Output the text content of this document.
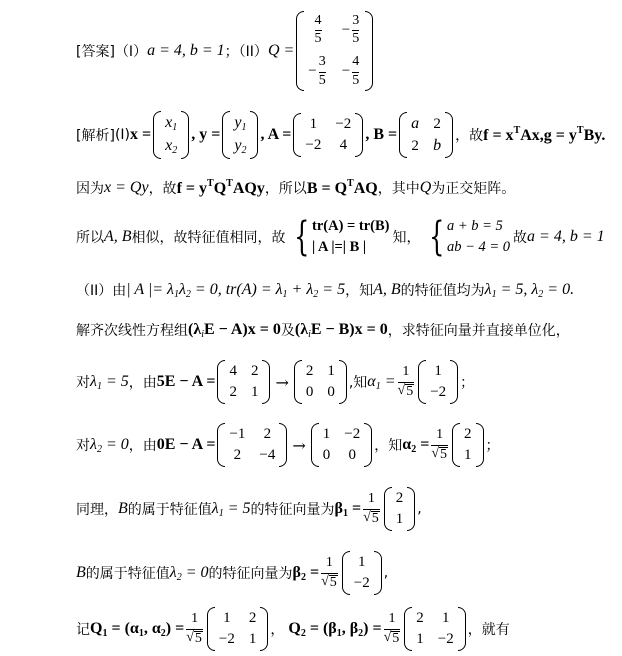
[答案] （I） a = 4, b = 1 ；（II） Q =
$\frac{4}{5} - \frac{3}{5}$
− $\frac{3}{5} - \frac{4}{5}$
[解析] (I) x =
$x_1$
$x_2$
, y =
$y_1$
$y_2$
, A =
1 −2
−2 4
, B =
a 2
2 b
，故 $f = x^TAx$, $g = y^TBy$.
因为 x = Qy ，故 $f = y^TQ^TAQy$ ，所以 $B = Q^TAQ$ ，其中 Q 为正交矩阵。
所以 A, B 相似，故特征值相同，故 { tr(A) = tr(B)
| A |=| B |
知， { a + b = 5
ab − 4 = 0
故 a = 4, b = 1
（II）由 | A |= $\lambda_1\lambda_2 = 0$, $tr(A) = \lambda_1 + \lambda_2 = 5$ ，知 A, B 的特征值均为 $\lambda_1 = 5$, $\lambda_2 = 0$.
解齐次线性方程组 $(\lambda_iE - A)x = 0$ 及 $(\lambda_iE - B)x = 0$ ，求特征向量并直接单位化，
对 $\lambda_1 = 5$ ，由 5E − A =
4 2
2 1
→
2 1
0 0
,知 $\alpha_1 = \frac{1}{√ 5} 1$
−2
；
对 $\lambda_2 = 0$ ，由 0E − A =
−1 2
2 −4
→
1 −2
0 0
，知 $\alpha_2 = \frac{1}{√ 5} 2$
1
；
同理， B 的属于特征值 $\lambda_1 = 5$ 的特征向量为 $\beta_1 = \frac{1}{√ 5} 2$
1
,
B 的属于特征值 $\lambda_2 = 0$ 的特征向量为 $\beta_2 = \frac{1}{√ 5} 1$
−2
,
记 $Q_1 = (\alpha_1$, $\alpha_2) = \frac{1}{√ 5} 1$ 2
−2 1
， $Q_2 = (\beta_1$, $\beta_2) = \frac{1}{√ 5} 2$ 1
1 −2
，就有
